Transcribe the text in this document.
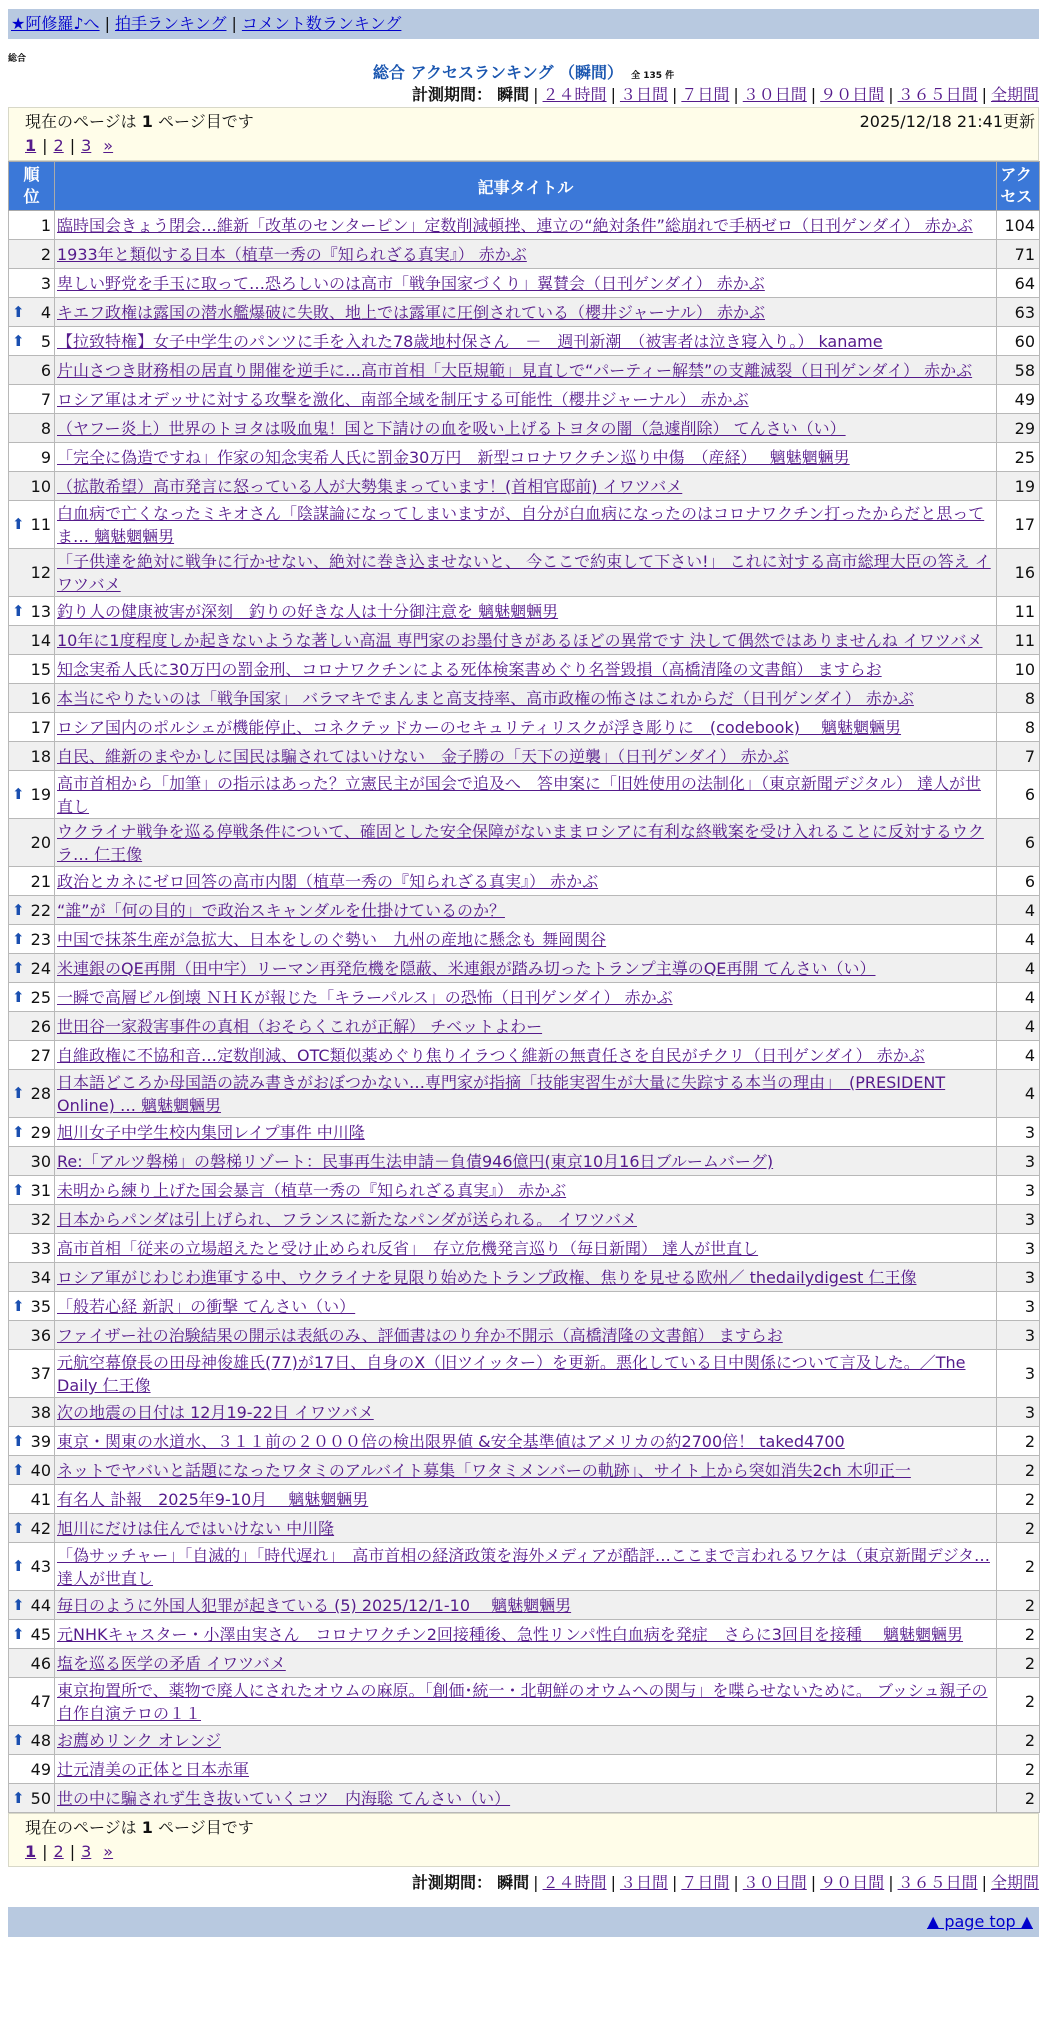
★阿修羅♪へ | 拍手ランキング | コメント数ランキング
総合
総合 アクセスランキング （瞬間） 全 135 件
計測期間： 瞬間 | ２４時間 | ３日間 | ７日間 | ３０日間 | ９０日間 | ３６５日間 | 全期間
現在のページは 1 ページ目です	2025/12/18 21:41更新
1 | 2 | 3 »
順位	記事タイトル	アクセス
1	臨時国会きょう閉会…維新「改革のセンターピン」定数削減頓挫、連立の“絶対条件”総崩れで手柄ゼロ（日刊ゲンダイ） 赤かぶ	104
2	1933年と類似する日本（植草一秀の『知られざる真実』） 赤かぶ	71
3	卑しい野党を手玉に取って…恐ろしいのは高市「戦争国家づくり」翼賛会（日刊ゲンダイ） 赤かぶ	64

⬆ 4	キエフ政権は露国の潜水艦爆破に失敗、地上では露軍に圧倒されている（櫻井ジャーナル） 赤かぶ	63

⬆ 5	【拉致特権】女子中学生のパンツに手を入れた78歳地村保さん　－　週刊新潮　（被害者は泣き寝入り。） kaname	60
6	片山さつき財務相の居直り開催を逆手に…高市首相「大臣規範」見直しで“パーティー解禁”の支離滅裂（日刊ゲンダイ） 赤かぶ	58
7	ロシア軍はオデッサに対する攻撃を激化、南部全域を制圧する可能性（櫻井ジャーナル） 赤かぶ	49
8	（ヤフー炎上）世界のトヨタは吸血鬼！国と下請けの血を吸い上げるトヨタの闇（急遽削除） てんさい（い）	29
9	「完全に偽造ですね」作家の知念実希人氏に罰金30万円　新型コロナワクチン巡り中傷　（産経）　 魑魅魍魎男	25
10	（拡散希望）高市発言に怒っている人が大勢集まっています！(首相官邸前) イワツバメ	19

⬆ 11	白血病で亡くなったミキオさん「陰謀論になってしまいますが、自分が白血病になったのはコロナワクチン打ったからだと思ってま… 魑魅魍魎男	17
12	「子供達を絶対に戦争に行かせない、絶対に巻き込ませないと、 今ここで約束して下さい!」 これに対する高市総理大臣の答え イワツバメ	16

⬆ 13	釣り人の健康被害が深刻　釣りの好きな人は十分御注意を 魑魅魍魎男	11
14	10年に1度程度しか起きないような著しい高温 専門家のお墨付きがあるほどの異常です 決して偶然ではありませんね イワツバメ	11
15	知念実希人氏に30万円の罰金刑、コロナワクチンによる死体検案書めぐり名誉毀損（高橋清隆の文書館） ますらお	10
16	本当にやりたいのは「戦争国家」 バラマキでまんまと高支持率、高市政権の怖さはこれからだ（日刊ゲンダイ） 赤かぶ	8
17	ロシア国内のポルシェが機能停止、コネクテッドカーのセキュリティリスクが浮き彫りに　(codebook)　 魑魅魍魎男	8
18	自民、維新のまやかしに国民は騙されてはいけない　金子勝の「天下の逆襲」（日刊ゲンダイ） 赤かぶ	7

⬆ 19	高市首相から「加筆」の指示はあった？立憲民主が国会で追及へ　答申案に「旧姓使用の法制化」（東京新聞デジタル） 達人が世直し	6
20	ウクライナ戦争を巡る停戦条件について、確固とした安全保障がないままロシアに有利な終戦案を受け入れることに反対するウクラ… 仁王像	6
21	政治とカネにゼロ回答の高市内閣（植草一秀の『知られざる真実』） 赤かぶ	6

⬆ 22	“誰”が「何の目的」で政治スキャンダルを仕掛けているのか？	4

⬆ 23	中国で抹茶生産が急拡大、日本をしのぐ勢い　九州の産地に懸念も 舞岡関谷	4

⬆ 24	米連銀のQE再開（田中宇）リーマン再発危機を隠蔽、米連銀が踏み切ったトランプ主導のQE再開 てんさい（い）	4

⬆ 25	一瞬で高層ビル倒壊 ＮＨＫが報じた「キラーパルス」の恐怖（日刊ゲンダイ） 赤かぶ	4
26	世田谷一家殺害事件の真相（おそらくこれが正解） チベットよわー	4
27	自維政権に不協和音…定数削減、OTC類似薬めぐり焦りイラつく維新の無責任さを自民がチクリ（日刊ゲンダイ） 赤かぶ	4

⬆ 28	日本語どころか母国語の読み書きがおぼつかない…専門家が指摘「技能実習生が大量に失踪する本当の理由」　(PRESIDENT Online) … 魑魅魍魎男	4

⬆ 29	旭川女子中学生校内集団レイプ事件 中川隆	3
30	Re:「アルツ磐梯」の磐梯リゾート：民事再生法申請－負債946億円(東京10月16日ブルームバーグ)	3

⬆ 31	未明から練り上げた国会暴言（植草一秀の『知られざる真実』） 赤かぶ	3
32	日本からパンダは引上げられ、フランスに新たなパンダが送られる。 イワツバメ	3
33	高市首相「従来の立場超えたと受け止められ反省」　存立危機発言巡り（毎日新聞） 達人が世直し	3
34	ロシア軍がじわじわ進軍する中、ウクライナを見限り始めたトランプ政権、焦りを見せる欧州／ thedailydigest 仁王像	3

⬆ 35	「般若心経 新訳」の衝撃 てんさい（い）	3
36	ファイザー社の治験結果の開示は表紙のみ、評価書はのり弁か不開示（高橋清隆の文書館） ますらお	3
37	元航空幕僚長の田母神俊雄氏(77)が17日、自身のX（旧ツイッター）を更新。悪化している日中関係について言及した。／The Daily 仁王像	3
38	次の地震の日付は 12月19-22日 イワツバメ	3

⬆ 39	東京・関東の水道水、３１１前の２０００倍の検出限界値 &安全基準値はアメリカの約2700倍！ taked4700	2

⬆ 40	ネットでヤバいと話題になったワタミのアルバイト募集「ワタミメンバーの軌跡」、サイト上から突如消失2ch 木卯正一	2
41	有名人 訃報　2025年9-10月　 魑魅魍魎男	2

⬆ 42	旭川にだけは住んではいけない 中川隆	2

⬆ 43	「偽サッチャー」「自滅的」「時代遅れ」　高市首相の経済政策を海外メディアが酷評…ここまで言われるワケは（東京新聞デジタ… 達人が世直し	2

⬆ 44	毎日のように外国人犯罪が起きている (5) 2025/12/1-10　 魑魅魍魎男	2

⬆ 45	元NHKキャスター・小澤由実さん　コロナワクチン2回接種後、急性リンパ性白血病を発症　さらに3回目を接種　 魑魅魍魎男	2
46	塩を巡る医学の矛盾 イワツバメ	2
47	東京拘置所で、薬物で廃人にされたオウムの麻原。「創価･統一・北朝鮮のオウムへの関与」を喋らせないために。 ブッシュ親子の自作自演テロの１１	2

⬆ 48	お薦めリンク オレンジ	2
49	辻元清美の正体と日本赤軍	2

⬆ 50	世の中に騙されず生き抜いていくコツ　内海聡 てんさい（い）	2
現在のページは 1 ページ目です
1 | 2 | 3 »
計測期間： 瞬間 | ２４時間 | ３日間 | ７日間 | ３０日間 | ９０日間 | ３６５日間 | 全期間
▲ page top ▲
